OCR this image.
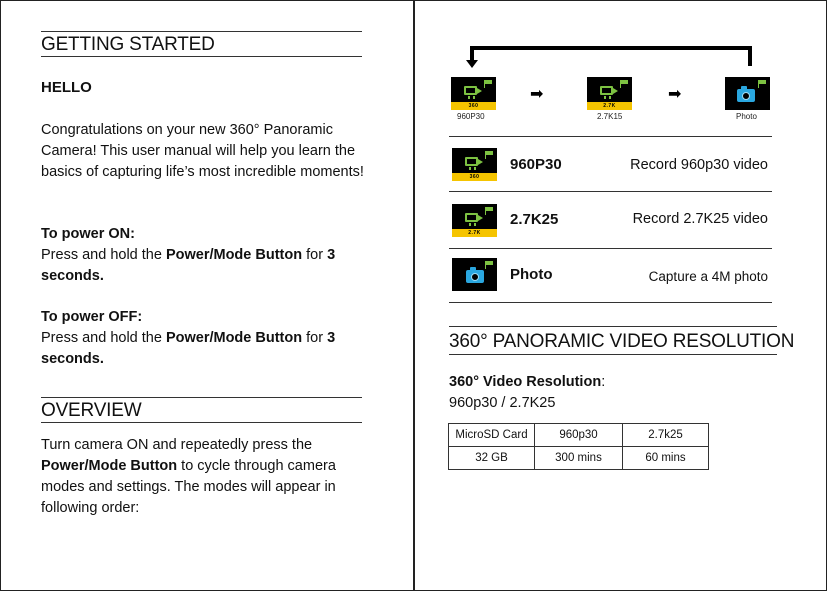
GETTING STARTED
HELLO
Congratulations on your new 360° Panoramic Camera! This user manual will help you learn the basics of capturing life’s most incredible moments!
To power ON:
Press and hold the Power/Mode Button for 3 seconds.
To power OFF:
Press and hold the Power/Mode Button for 3 seconds.
OVERVIEW
Turn camera ON and repeatedly press the Power/Mode Button to cycle through camera modes and settings. The modes will appear in following order:
360
960P30
➡
2.7K
2.7K15
➡
Photo
360
960P30	Record 960p30 video
2.7K
2.7K25	Record 2.7K25 video
Photo	Capture a 4M photo
360° PANORAMIC VIDEO RESOLUTION
360° Video Resolution:
960p30 / 2.7K25
MicroSD Card	960p30	2.7k25
32 GB	300 mins	60 mins
